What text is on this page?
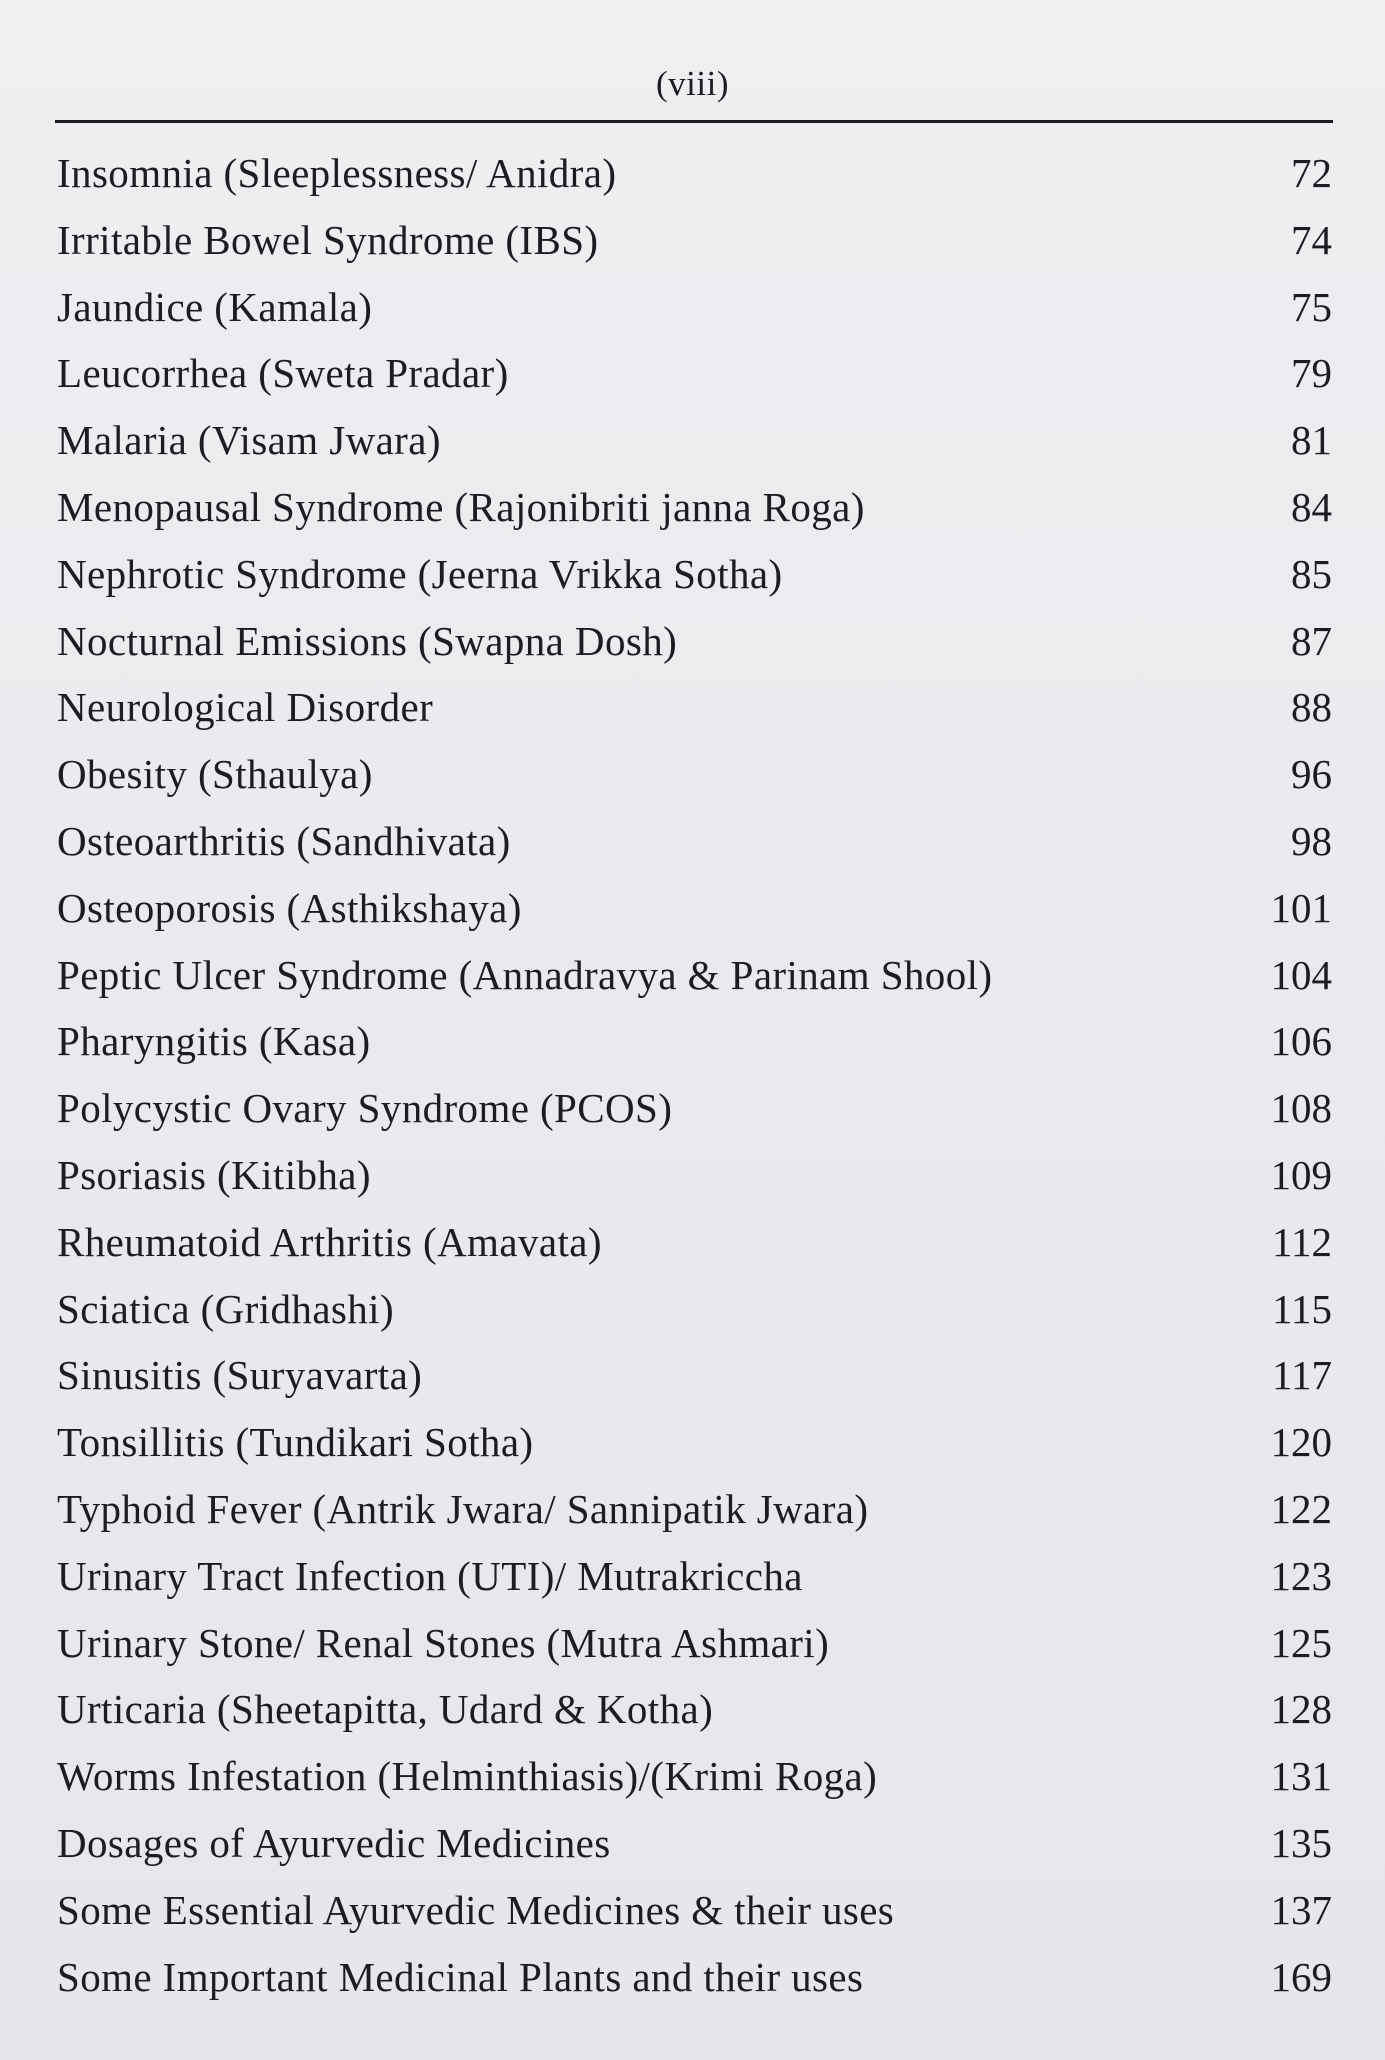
(viii)
Insomnia (Sleeplessness/ Anidra)	72
Irritable Bowel Syndrome (IBS)	74
Jaundice (Kamala)	75
Leucorrhea (Sweta Pradar)	79
Malaria (Visam Jwara)	81
Menopausal Syndrome (Rajonibriti janna Roga)	84
Nephrotic Syndrome (Jeerna Vrikka Sotha)	85
Nocturnal Emissions (Swapna Dosh)	87
Neurological Disorder	88
Obesity (Sthaulya)	96
Osteoarthritis (Sandhivata)	98
Osteoporosis (Asthikshaya)	101
Peptic Ulcer Syndrome (Annadravya & Parinam Shool)	104
Pharyngitis (Kasa)	106
Polycystic Ovary Syndrome (PCOS)	108
Psoriasis (Kitibha)	109
Rheumatoid Arthritis (Amavata)	112
Sciatica (Gridhashi)	115
Sinusitis (Suryavarta)	117
Tonsillitis (Tundikari Sotha)	120
Typhoid Fever (Antrik Jwara/ Sannipatik Jwara)	122
Urinary Tract Infection (UTI)/ Mutrakriccha	123
Urinary Stone/ Renal Stones (Mutra Ashmari)	125
Urticaria (Sheetapitta, Udard & Kotha)	128
Worms Infestation (Helminthiasis)/(Krimi Roga)	131
Dosages of Ayurvedic Medicines	135
Some Essential Ayurvedic Medicines & their uses	137
Some Important Medicinal Plants and their uses	169
